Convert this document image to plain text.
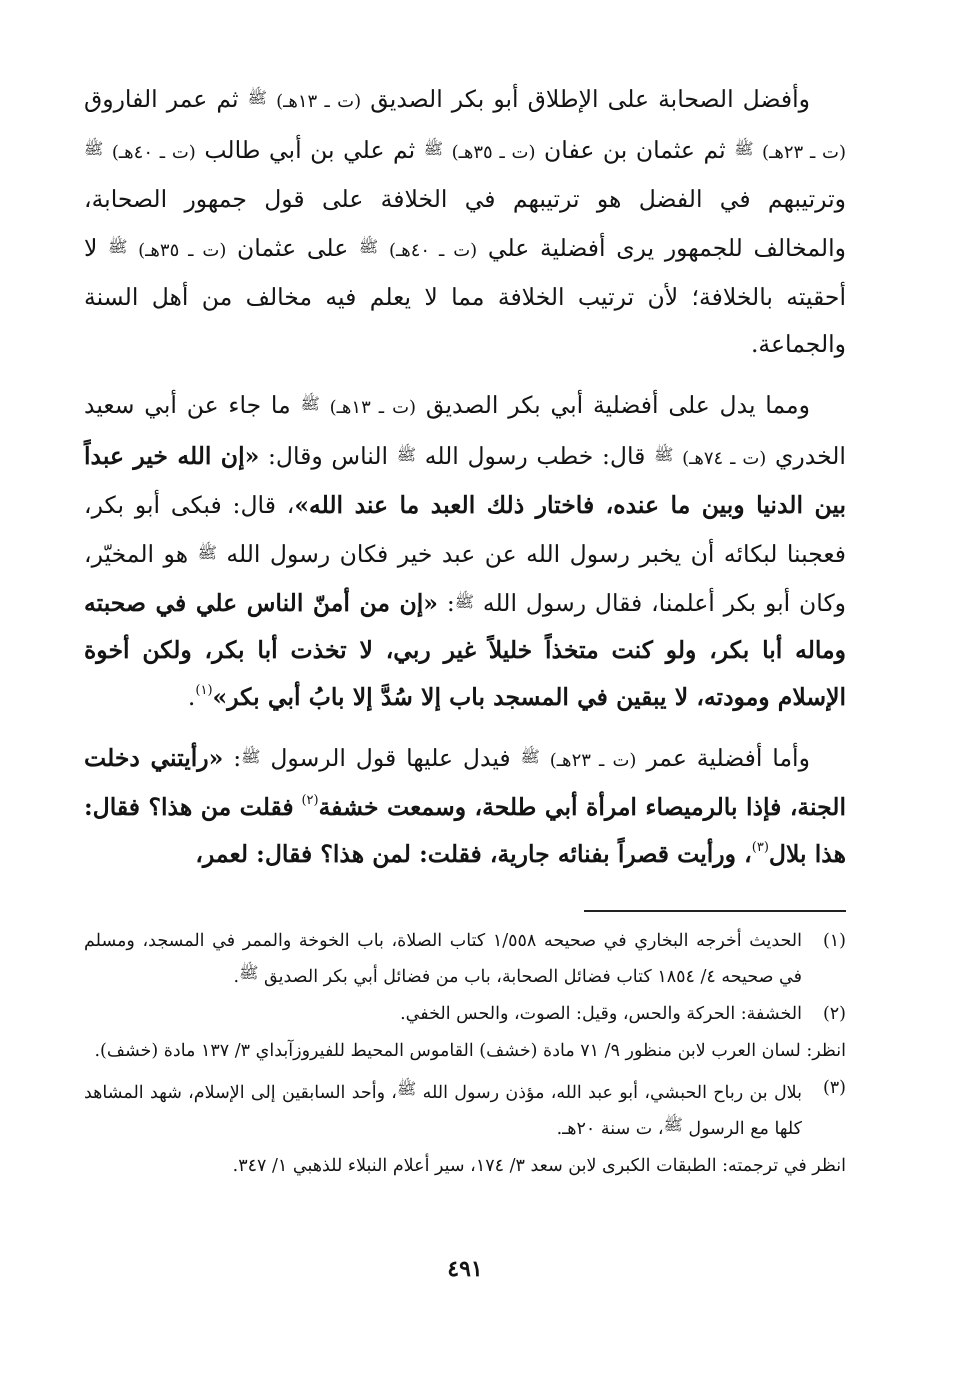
وأفضل الصحابة على الإطلاق أبو بكر الصديق (ت ـ ١٣هـ) ﷺ ثم عمر الفاروق (ت ـ ٢٣هـ) ﷺ ثم عثمان بن عفان (ت ـ ٣٥هـ) ﷺ ثم علي بن أبي طالب (ت ـ ٤٠هـ) ﷺ وترتيبهم في الفضل هو ترتيبهم في الخلافة على قول جمهور الصحابة، والمخالف للجمهور يرى أفضلية علي (ت ـ ٤٠هـ) ﷺ على عثمان (ت ـ ٣٥هـ) ﷺ لا أحقيته بالخلافة؛ لأن ترتيب الخلافة مما لا يعلم فيه مخالف من أهل السنة والجماعة.

ومما يدل على أفضلية أبي بكر الصديق (ت ـ ١٣هـ) ﷺ ما جاء عن أبي سعيد الخدري (ت ـ ٧٤هـ) ﷺ قال: خطب رسول الله ﷺ الناس وقال: «إن الله خير عبداً بين الدنيا وبين ما عنده، فاختار ذلك العبد ما عند الله»، قال: فبكى أبو بكر، فعجبنا لبكائه أن يخبر رسول الله عن عبد خير فكان رسول الله ﷺ هو المخيّر، وكان أبو بكر أعلمنا، فقال رسول الله ﷺ: «إن من أمنّ الناس علي في صحبته وماله أبا بكر، ولو كنت متخذاً خليلاً غير ربي، لا تخذت أبا بكر، ولكن أخوة الإسلام ومودته، لا يبقين في المسجد باب إلا سُدَّ إلا بابُ أبي بكر»$^{(١)}$.

وأما أفضلية عمر (ت ـ ٢٣هـ) ﷺ فيدل عليها قول الرسول ﷺ: «رأيتني دخلت الجنة، فإذا بالرميصاء امرأة أبي طلحة، وسمعت خشفة$^{(٢)}$ فقلت من هذا؟ فقال: هذا بلال$^{(٣)}$، ورأيت قصراً بفنائه جارية، فقلت: لمن هذا؟ فقال: لعمر،

(١)
الحديث أخرجه البخاري في صحيحه ١/٥٥٨ كتاب الصلاة، باب الخوخة والممر في المسجد، ومسلم في صحيحه ٤/ ١٨٥٤ كتاب فضائل الصحابة، باب من فضائل أبي بكر الصديق ﷺ.
(٢)
الخشفة: الحركة والحس، وقيل: الصوت، والحس الخفي.
انظر: لسان العرب لابن منظور ٩/ ٧١ مادة (خشف) القاموس المحيط للفيروزآبداي ٣/ ١٣٧ مادة (خشف).
(٣)
بلال بن رباح الحبشي، أبو عبد الله، مؤذن رسول الله ﷺ، وأحد السابقين إلى الإسلام، شهد المشاهد كلها مع الرسول ﷺ، ت سنة ٢٠هـ.
انظر في ترجمته: الطبقات الكبرى لابن سعد ٣/ ١٧٤، سير أعلام النبلاء للذهبي ١/ ٣٤٧.
٤٩١
